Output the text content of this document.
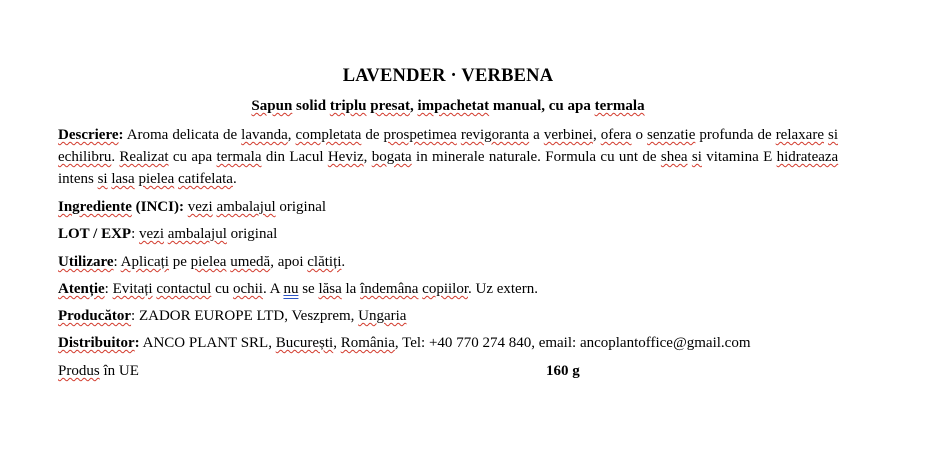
LAVENDER · VERBENA
Sapun solid triplu presat, impachetat manual, cu apa termala
Descriere: Aroma delicata de lavanda, completata de prospetimea revigoranta a verbinei, ofera o senzatie profunda de relaxare si echilibru. Realizat cu apa termala din Lacul Heviz, bogata in minerale naturale. Formula cu unt de shea si vitamina E hidrateaza intens si lasa pielea catifelata.
Ingrediente (INCI): vezi ambalajul original
LOT / EXP: vezi ambalajul original
Utilizare: Aplicați pe pielea umedă, apoi clătiți.
Atenție: Evitați contactul cu ochii. A nu se lăsa la îndemâna copiilor. Uz extern.
Producător: ZADOR EUROPE LTD, Veszprem, Ungaria
Distribuitor: ANCO PLANT SRL, București, România, Tel: +40 770 274 840, email: ancoplantoffice@gmail.com
Produs în UE	160 g
